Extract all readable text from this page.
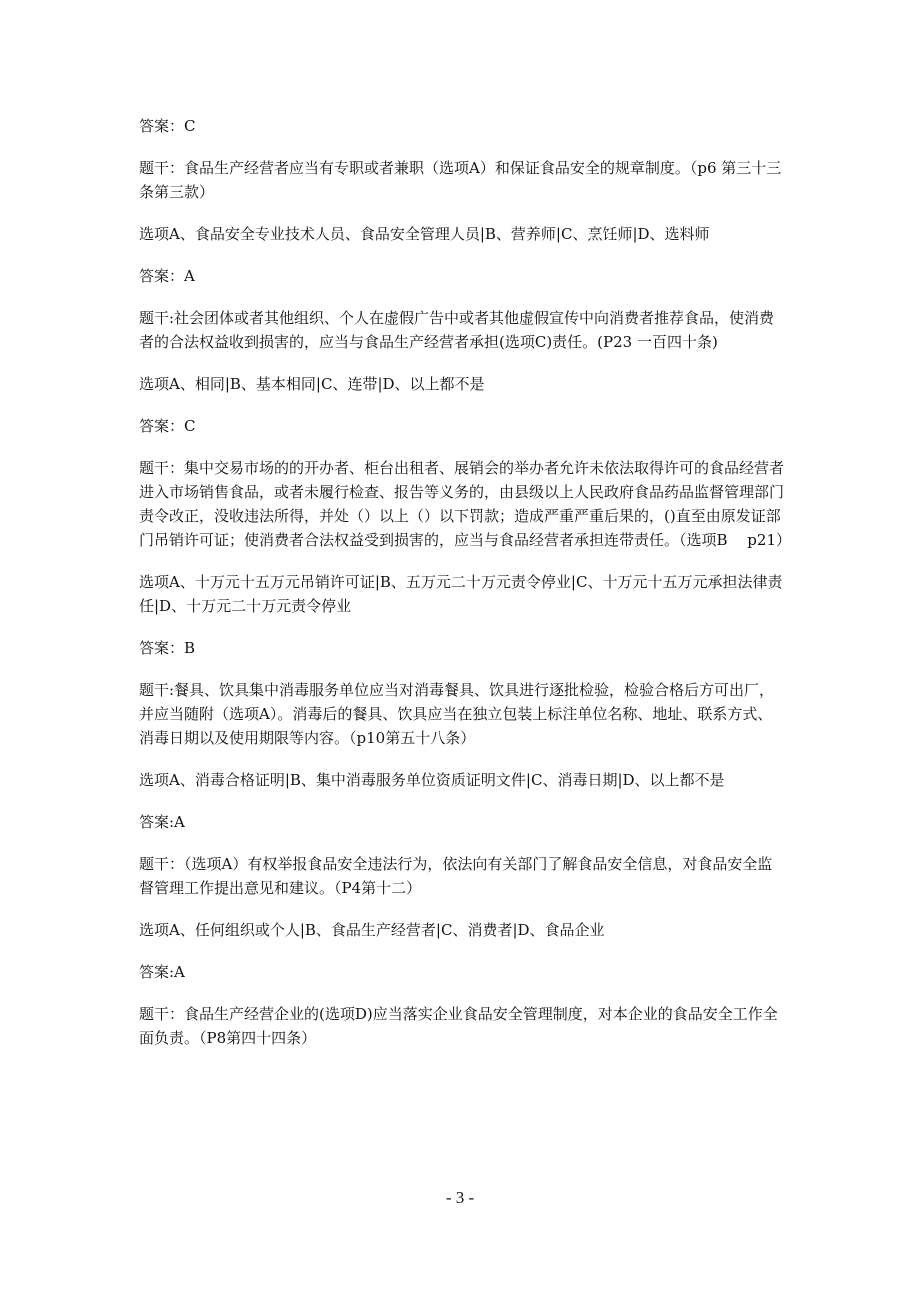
答案：C

题干：食品生产经营者应当有专职或者兼职（选项A）和保证食品安全的规章制度。（p6 第三十三条第三款）

选项A、食品安全专业技术人员、食品安全管理人员|B、营养师|C、烹饪师|D、选料师

答案：A

题干:社会团体或者其他组织、个人在虚假广告中或者其他虚假宣传中向消费者推荐食品，使消费者的合法权益收到损害的，应当与食品生产经营者承担(选项C)责任。(P23 一百四十条)

选项A、相同|B、基本相同|C、连带|D、以上都不是

答案：C

题干：集中交易市场的的开办者、柜台出租者、展销会的举办者允许未依法取得许可的食品经营者进入市场销售食品，或者未履行检查、报告等义务的，由县级以上人民政府食品药品监督管理部门责令改正，没收违法所得，并处（）以上（）以下罚款；造成严重严重后果的，()直至由原发证部门吊销许可证；使消费者合法权益受到损害的，应当与食品经营者承担连带责任。（选项B　 p21）

选项A、十万元十五万元吊销许可证|B、五万元二十万元责令停业|C、十万元十五万元承担法律责任|D、十万元二十万元责令停业

答案：B

题干:餐具、饮具集中消毒服务单位应当对消毒餐具、饮具进行逐批检验，检验合格后方可出厂，并应当随附（选项A）。消毒后的餐具、饮具应当在独立包装上标注单位名称、地址、联系方式、消毒日期以及使用期限等内容。（p10第五十八条）

选项A、消毒合格证明|B、集中消毒服务单位资质证明文件|C、消毒日期|D、以上都不是

答案:A

题干：（选项A）有权举报食品安全违法行为，依法向有关部门了解食品安全信息，对食品安全监督管理工作提出意见和建议。（P4第十二）

选项A、任何组织或个人|B、食品生产经营者|C、消费者|D、食品企业

答案:A

题干：食品生产经营企业的(选项D)应当落实企业食品安全管理制度，对本企业的食品安全工作全面负责。（P8第四十四条）

- 3 -
